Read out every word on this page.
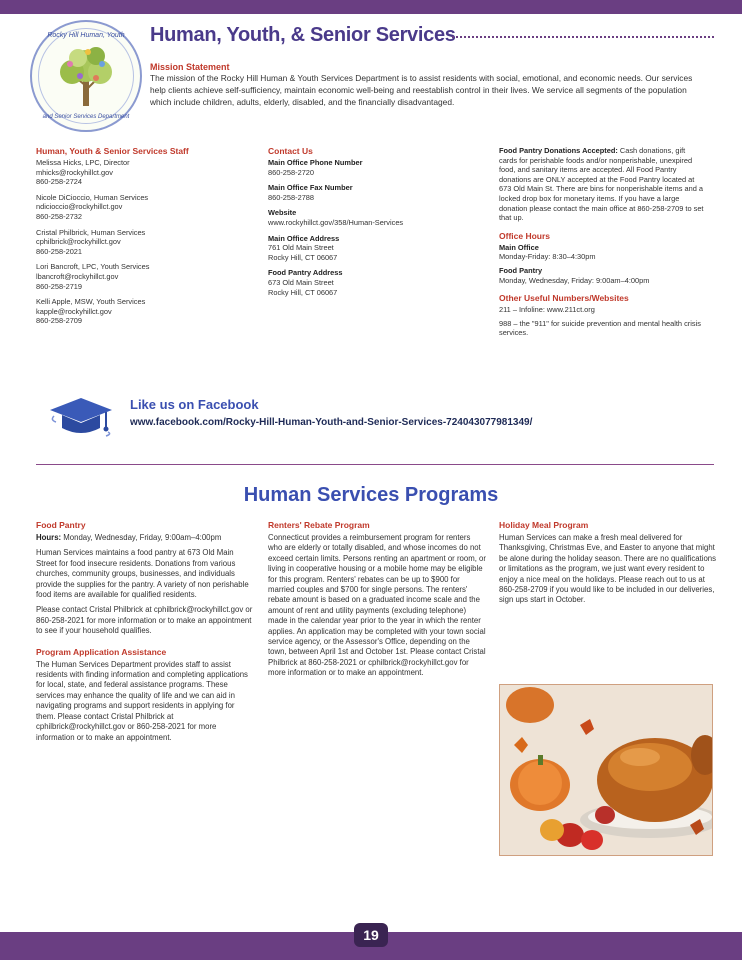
Rocky Hill Human, Youth
and Senior Services Department
Human, Youth, & Senior Services
Mission Statement
The mission of the Rocky Hill Human & Youth Services Department is to assist residents with social, emotional, and economic needs. Our services help clients achieve self-sufficiency, maintain economic well-being and reestablish control in their lives. We service all segments of the population which include children, adults, elderly, disabled, and the financially disadvantaged.
Human, Youth & Senior Services Staff
Melissa Hicks, LPC, Director
mhicks@rockyhillct.gov
860-258-2724
Nicole DiCioccio, Human Services
ndicioccio@rockyhillct.gov
860-258-2732
Cristal Philbrick, Human Services
cphilbrick@rockyhillct.gov
860-258-2021
Lori Bancroft, LPC, Youth Services
lbancroft@rockyhillct.gov
860-258-2719
Kelli Apple, MSW, Youth Services
kapple@rockyhillct.gov
860-258-2709
Contact Us
Main Office Phone Number
860-258-2720
Main Office Fax Number
860-258-2788
Website
www.rockyhillct.gov/358/Human-Services
Main Office Address
761 Old Main Street
Rocky Hill, CT 06067
Food Pantry Address
673 Old Main Street
Rocky Hill, CT 06067
Food Pantry Donations Accepted: Cash donations, gift cards for perishable foods and/or nonperishable, unexpired food, and sanitary items are accepted. All Food Pantry donations are ONLY accepted at the Food Pantry located at 673 Old Main St. There are bins for nonperishable items and a locked drop box for monetary items. If you have a large donation please contact the main office at 860-258-2709 to set that up.
Office Hours
Main Office
Monday-Friday: 8:30–4:30pm
Food Pantry
Monday, Wednesday, Friday: 9:00am–4:00pm
Other Useful Numbers/Websites
211 – Infoline: www.211ct.org
988 – the "911" for suicide prevention and mental health crisis services.
Like us on Facebook
www.facebook.com/Rocky-Hill-Human-Youth-and-Senior-Services-724043077981349/
Human Services Programs
Food Pantry
Hours: Monday, Wednesday, Friday, 9:00am–4:00pm
Human Services maintains a food pantry at 673 Old Main Street for food insecure residents. Donations from various churches, community groups, businesses, and individuals provide the supplies for the pantry. A variety of non perishable food items are available for qualified residents.
Please contact Cristal Philbrick at cphilbrick@rockyhillct.gov or 860-258-2021 for more information or to make an appointment to see if your household qualifies.
Program Application Assistance
The Human Services Department provides staff to assist residents with finding information and completing applications for local, state, and federal assistance programs. These services may enhance the quality of life and we can aid in navigating programs and support residents in applying for them. Please contact Cristal Philbrick at cphilbrick@rockyhillct.gov or 860-258-2021 for more information or to make an appointment.
Renters' Rebate Program
Connecticut provides a reimbursement program for renters who are elderly or totally disabled, and whose incomes do not exceed certain limits. Persons renting an apartment or room, or living in cooperative housing or a mobile home may be eligible for this program. Renters' rebates can be up to $900 for married couples and $700 for single persons. The renters' rebate amount is based on a graduated income scale and the amount of rent and utility payments (excluding telephone) made in the calendar year prior to the year in which the renter applies. An application may be completed with your town social service agency, or the Assessor's Office, depending on the town, between April 1st and October 1st. Please contact Cristal Philbrick at 860-258-2021 or cphilbrick@rockyhillct.gov for more information or to make an appointment.
Holiday Meal Program
Human Services can make a fresh meal delivered for Thanksgiving, Christmas Eve, and Easter to anyone that might be alone during the holiday season. There are no qualifications or limitations as the program, we just want every resident to enjoy a nice meal on the holidays. Please reach out to us at 860-258-2709 if you would like to be included in our deliveries, sign ups start in October.
19
